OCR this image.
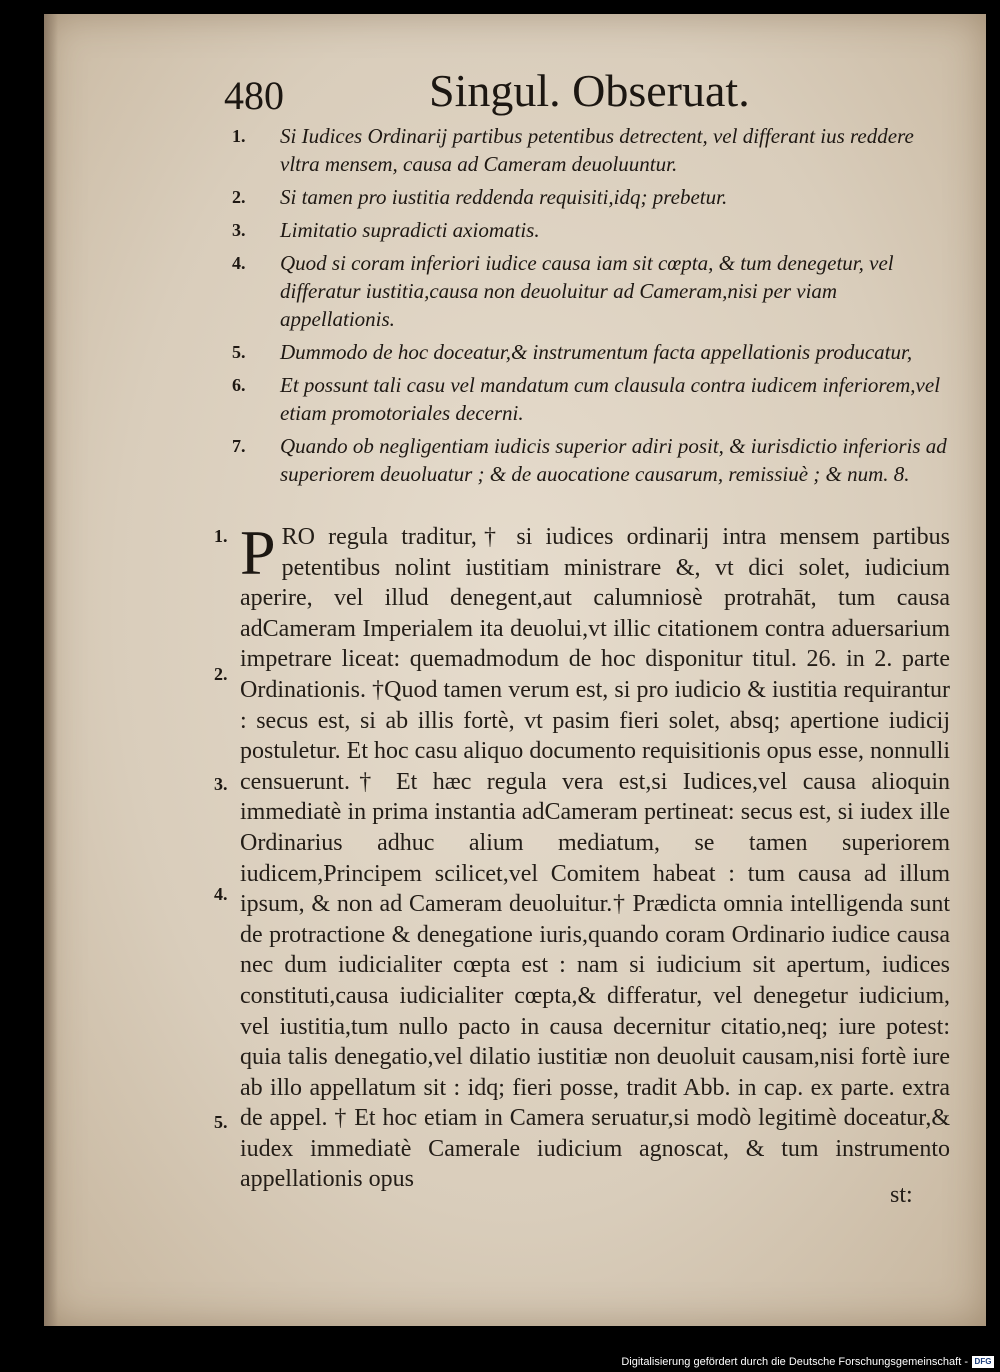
480	Singul. Obseruat.
1. Si Iudices Ordinarij partibus petentibus detrectent, vel differant ius reddere vltra mensem, causa ad Cameram deuoluuntur.
2. Si tamen pro iustitia reddenda requisiti,idq; prebetur.
3. Limitatio supradicti axiomatis.
4. Quod si coram inferiori iudice causa iam sit cœpta, & tum denegetur, vel differatur iustitia,causa non deuoluitur ad Cameram,nisi per viam appellationis.
5. Dummodo de hoc doceatur,& instrumentum facta appellationis producatur,
6. Et possunt tali casu vel mandatum cum clausula contra iudicem inferiorem,vel etiam promotoriales decerni.
7. Quando ob negligentiam iudicis superior adiri posit, & iurisdictio inferioris ad superiorem deuoluatur ; & de auocatione causarum, remissiuè ; & num. 8.
1.
2.
3.
4.
5.
PRO regula traditur,† si iudices ordinarij intra mensem partibus petentibus nolint iustitiam ministrare &, vt dici solet, iudicium aperire, vel illud denegent,aut calumniosè protrahāt, tum causa adCameram Imperialem ita deuolui,vt illic citationem contra aduersarium impetrare liceat: quemadmodum de hoc disponitur titul. 26. in 2. parte Ordinationis. †Quod tamen verum est, si pro iudicio & iustitia requirantur : secus est, si ab illis fortè, vt pasim fieri solet, absq; apertione iudicij postuletur. Et hoc casu aliquo documento requisitionis opus esse, nonnulli censuerunt.† Et hæc regula vera est,si Iudices,vel causa alioquin immediatè in prima instantia adCameram pertineat: secus est, si iudex ille Ordinarius adhuc alium mediatum, se tamen superiorem iudicem,Principem scilicet,vel Comitem habeat : tum causa ad illum ipsum, & non ad Cameram deuoluitur.† Prædicta omnia intelligenda sunt de protractione & denegatione iuris,quando coram Ordinario iudice causa nec dum iudicialiter cœpta est : nam si iudicium sit apertum, iudices constituti,causa iudicialiter cœpta,& differatur, vel denegetur iudicium, vel iustitia,tum nullo pacto in causa decernitur citatio,neq; iure potest: quia talis denegatio,vel dilatio iustitiæ non deuoluit causam,nisi fortè iure ab illo appellatum sit : idq; fieri posse, tradit Abb. in cap. ex parte. extra de appel. † Et hoc etiam in Camera seruatur,si modò legitimè doceatur,& iudex immediatè Camerale iudicium agnoscat, & tum instrumento appellationis opus
st:
Digitalisierung gefördert durch die Deutsche Forschungsgemeinschaft - DFG
